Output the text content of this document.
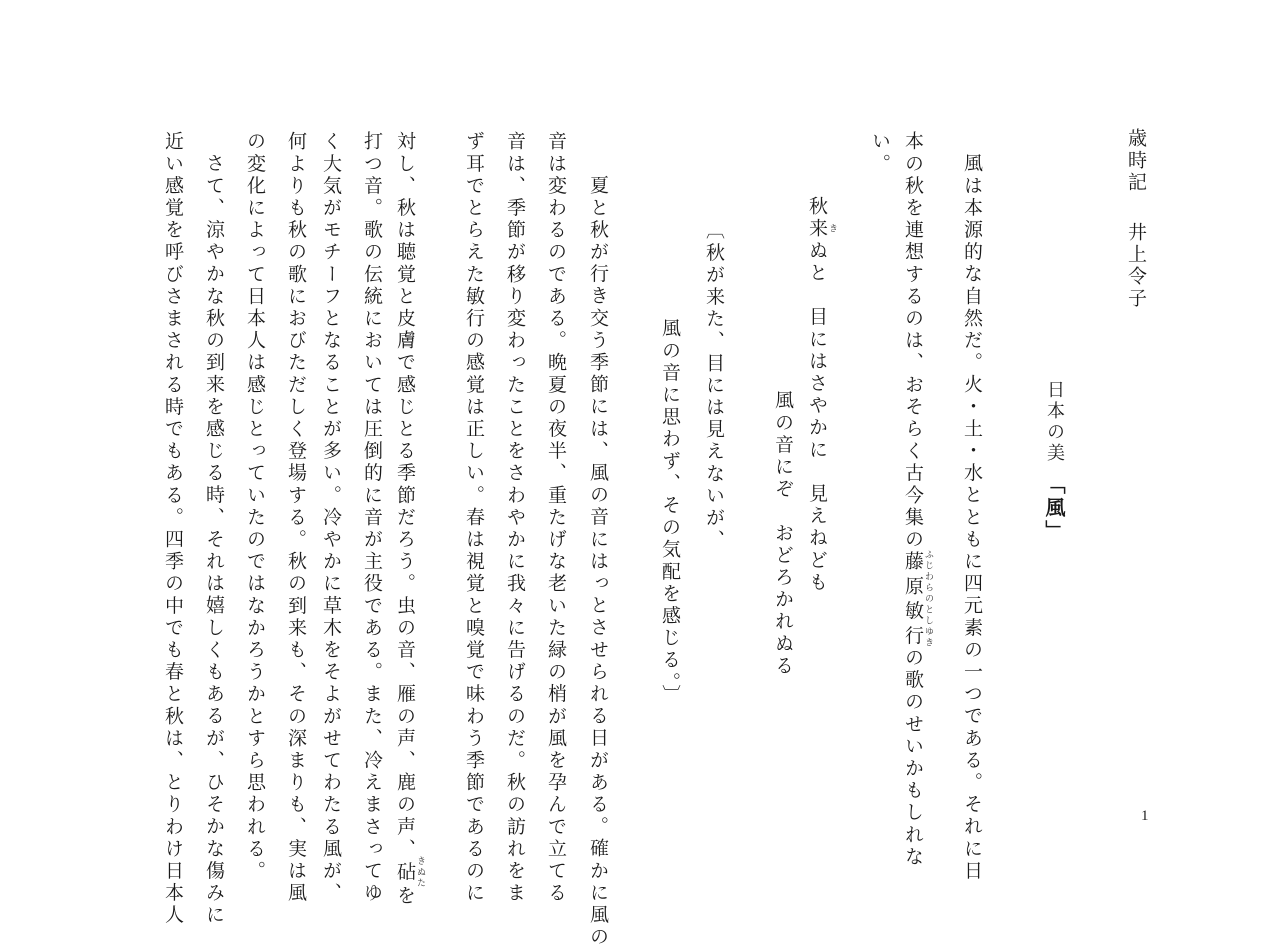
歳時記井上令子
日本の美「風」
風は本源的な自然だ。火・土・水とともに四元素の一つである。それに日
本の秋を連想するのは、おそらく古今集の藤原敏行 ふじわらのとしゆきの歌のせいかもしれな
い。
秋来 きぬと　目にはさやかに　見えねども
風の音にぞ　おどろかれぬる
〔秋が来た、目には見えないが、
風の音に思わず、その気配を感じる。〕
夏と秋が行き交う季節には、風の音にはっとさせられる日がある。確かに風の
音は変わるのである。晩夏の夜半、重たげな老いた緑の梢が風を孕んで立てる
音は、季節が移り変わったことをさわやかに我々に告げるのだ。秋の訪れをま
ず耳でとらえた敏行の感覚は正しい。春は視覚と嗅覚で味わう季節であるのに
対し、秋は聴覚と皮膚で感じとる季節だろう。虫の音、雁の声、鹿の声、砧 きぬたを
打つ音。歌の伝統においては圧倒的に音が主役である。また、冷えまさってゆ
く大気がモチーフとなることが多い。冷やかに草木をそよがせてわたる風が、
何よりも秋の歌におびただしく登場する。秋の到来も、その深まりも、実は風
の変化によって日本人は感じとっていたのではなかろうかとすら思われる。
さて、涼やかな秋の到来を感じる時、それは嬉しくもあるが、ひそかな傷みに
近い感覚を呼びさまされる時でもある。四季の中でも春と秋は、とりわけ日本人	1
